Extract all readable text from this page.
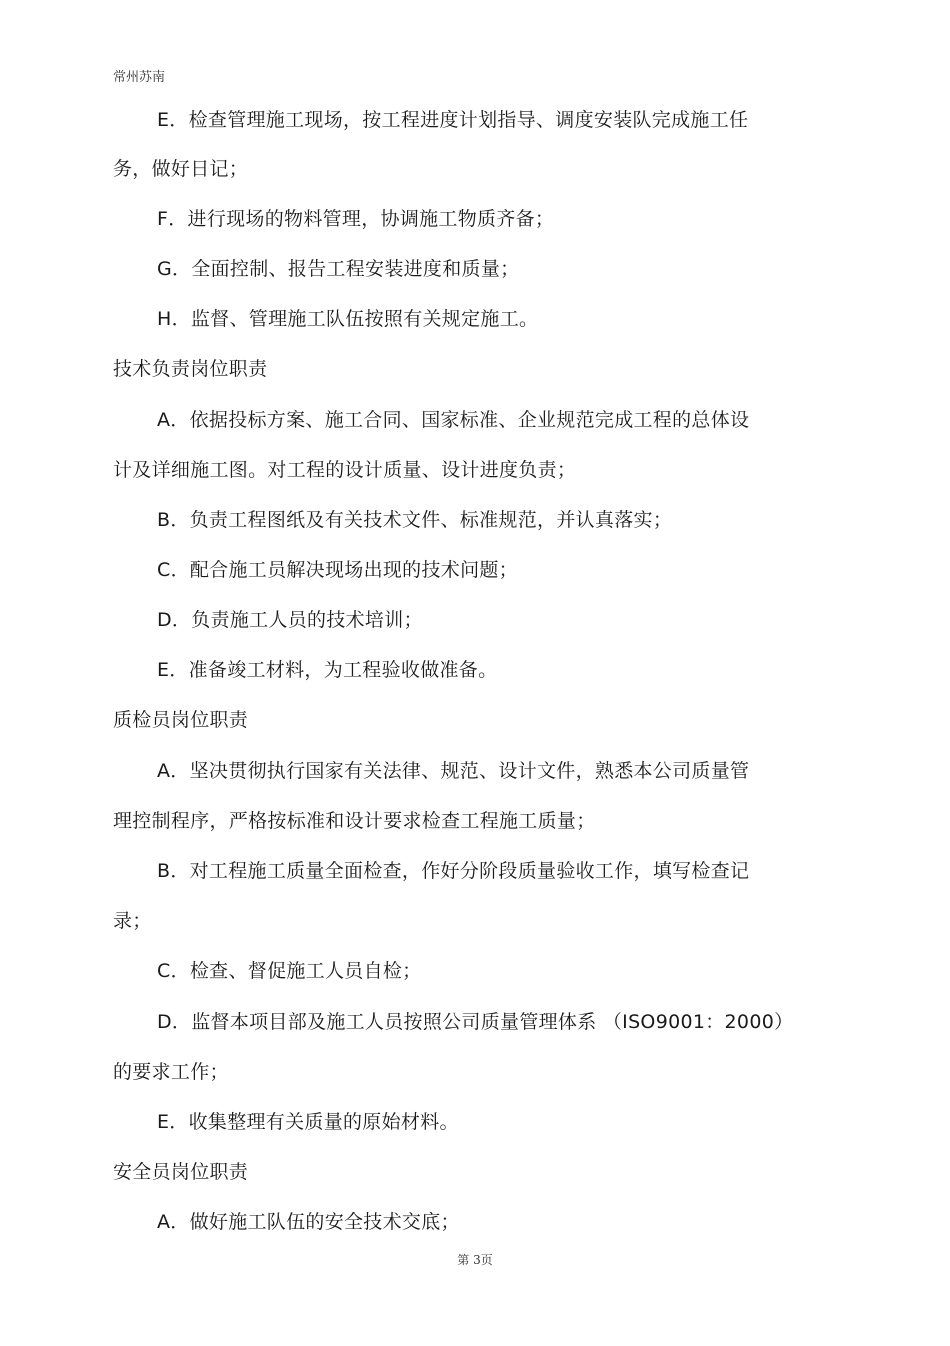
常州苏南
E．检查管理施工现场，按工程进度计划指导、调度安装队完成施工任
务，做好日记；
F．进行现场的物料管理，协调施工物质齐备；
G．全面控制、报告工程安装进度和质量；
H．监督、管理施工队伍按照有关规定施工。
技术负责岗位职责
A．依据投标方案、施工合同、国家标准、企业规范完成工程的总体设
计及详细施工图。对工程的设计质量、设计进度负责；
B．负责工程图纸及有关技术文件、标准规范，并认真落实；
C．配合施工员解决现场出现的技术问题；
D．负责施工人员的技术培训；
E．准备竣工材料，为工程验收做准备。
质检员岗位职责
A．坚决贯彻执行国家有关法律、规范、设计文件，熟悉本公司质量管
理控制程序，严格按标准和设计要求检查工程施工质量；
B．对工程施工质量全面检查，作好分阶段质量验收工作，填写检查记
录；
C．检查、督促施工人员自检；
D．监督本项目部及施工人员按照公司质量管理体系 （ISO9001：2000）
的要求工作；
E．收集整理有关质量的原始材料。
安全员岗位职责
A．做好施工队伍的安全技术交底；
第 3页
